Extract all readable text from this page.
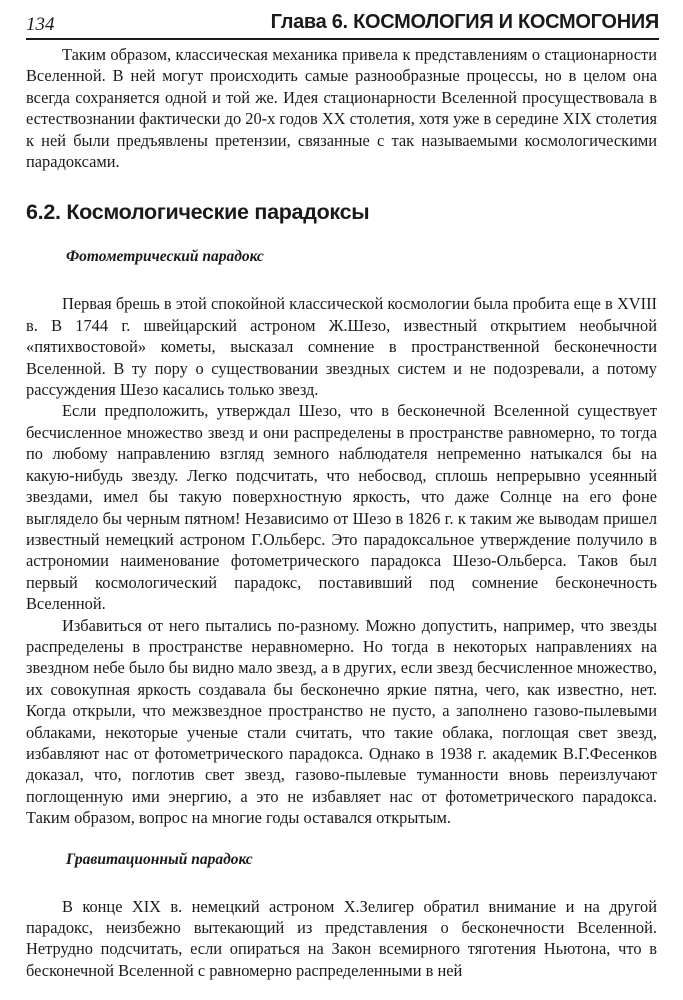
134	Глава 6. КОСМОЛОГИЯ И КОСМОГОНИЯ

Таким образом, классическая механика привела к представлениям о стационарности Вселенной. В ней могут происходить самые разнообразные процессы, но в целом она всегда сохраняется одной и той же. Идея стационарности Вселенной просуществовала в естествознании фактически до 20-х годов XX столетия, хотя уже в середине XIX столетия к ней были предъявлены претензии, связанные с так называемыми космологическими парадоксами.

6.2. Космологические парадоксы
Фотометрический парадокс

Первая брешь в этой спокойной классической космологии была пробита еще в XVIII в. В 1744 г. швейцарский астроном Ж.Шезо, известный открытием необычной «пятихвостовой» кометы, высказал сомнение в пространственной бесконечности Вселенной. В ту пору о существовании звездных систем и не подозревали, а потому рассуждения Шезо касались только звезд.

Если предположить, утверждал Шезо, что в бесконечной Вселенной существует бесчисленное множество звезд и они распределены в пространстве равномерно, то тогда по любому направлению взгляд земного наблюдателя непременно натыкался бы на какую-нибудь звезду. Легко подсчитать, что небосвод, сплошь непрерывно усеянный звездами, имел бы такую поверхностную яркость, что даже Солнце на его фоне выглядело бы черным пятном! Независимо от Шезо в 1826 г. к таким же выводам пришел известный немецкий астроном Г.Ольберс. Это парадоксальное утверждение получило в астрономии наименование фотометрического парадокса Шезо-Ольберса. Таков был первый космологический парадокс, поставивший под сомнение бесконечность Вселенной.

Избавиться от него пытались по-разному. Можно допустить, например, что звезды распределены в пространстве неравномерно. Но тогда в некоторых направлениях на звездном небе было бы видно мало звезд, а в других, если звезд бесчисленное множество, их совокупная яркость создавала бы бесконечно яркие пятна, чего, как известно, нет. Когда открыли, что межзвездное пространство не пусто, а заполнено газово-пылевыми облаками, некоторые ученые стали считать, что такие облака, поглощая свет звезд, избавляют нас от фотометрического парадокса. Однако в 1938 г. академик В.Г.Фесенков доказал, что, поглотив свет звезд, газово-пылевые туманности вновь переизлучают поглощенную ими энергию, а это не избавляет нас от фотометрического парадокса. Таким образом, вопрос на многие годы оставался открытым.

Гравитационный парадокс

В конце XIX в. немецкий астроном Х.Зелигер обратил внимание и на другой парадокс, неизбежно вытекающий из представления о бесконечности Вселенной. Нетрудно подсчитать, если опираться на Закон всемирного тяготения Ньютона, что в бесконечной Вселенной с равномерно распределенными в ней
